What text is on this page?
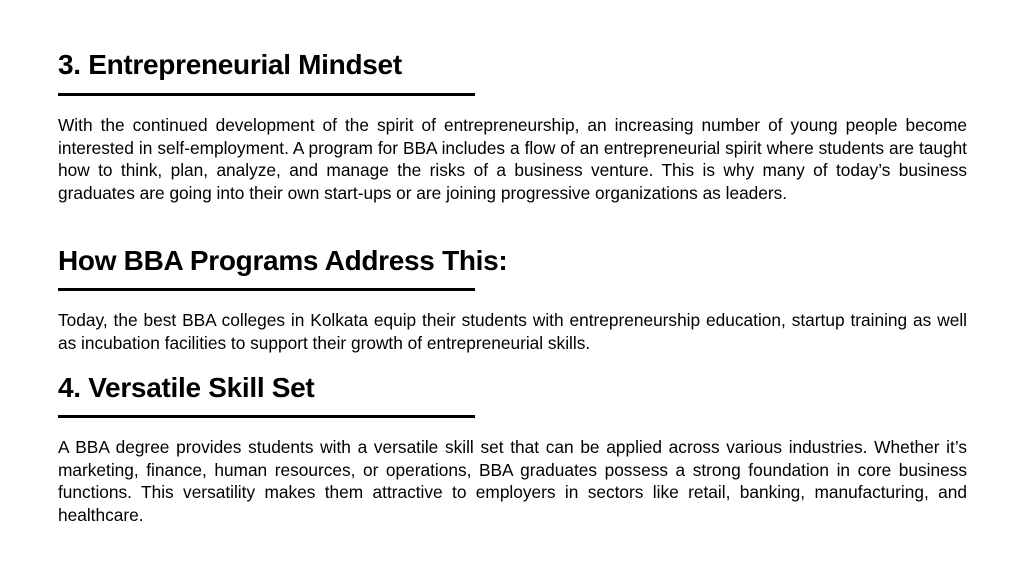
3. Entrepreneurial Mindset

With the continued development of the spirit of entrepreneurship, an increasing number of young people become interested in self-employment. A program for BBA includes a flow of an entrepreneurial spirit where students are taught how to think, plan, analyze, and manage the risks of a business venture. This is why many of today’s business graduates are going into their own start-ups or are joining progressive organizations as leaders.

How BBA Programs Address This:

Today, the best BBA colleges in Kolkata equip their students with entrepreneurship education, startup training as well as incubation facilities to support their growth of entrepreneurial skills.

4. Versatile Skill Set

A BBA degree provides students with a versatile skill set that can be applied across various industries. Whether it’s marketing, finance, human resources, or operations, BBA graduates possess a strong foundation in core business functions. This versatility makes them attractive to employers in sectors like retail, banking, manufacturing, and healthcare.
